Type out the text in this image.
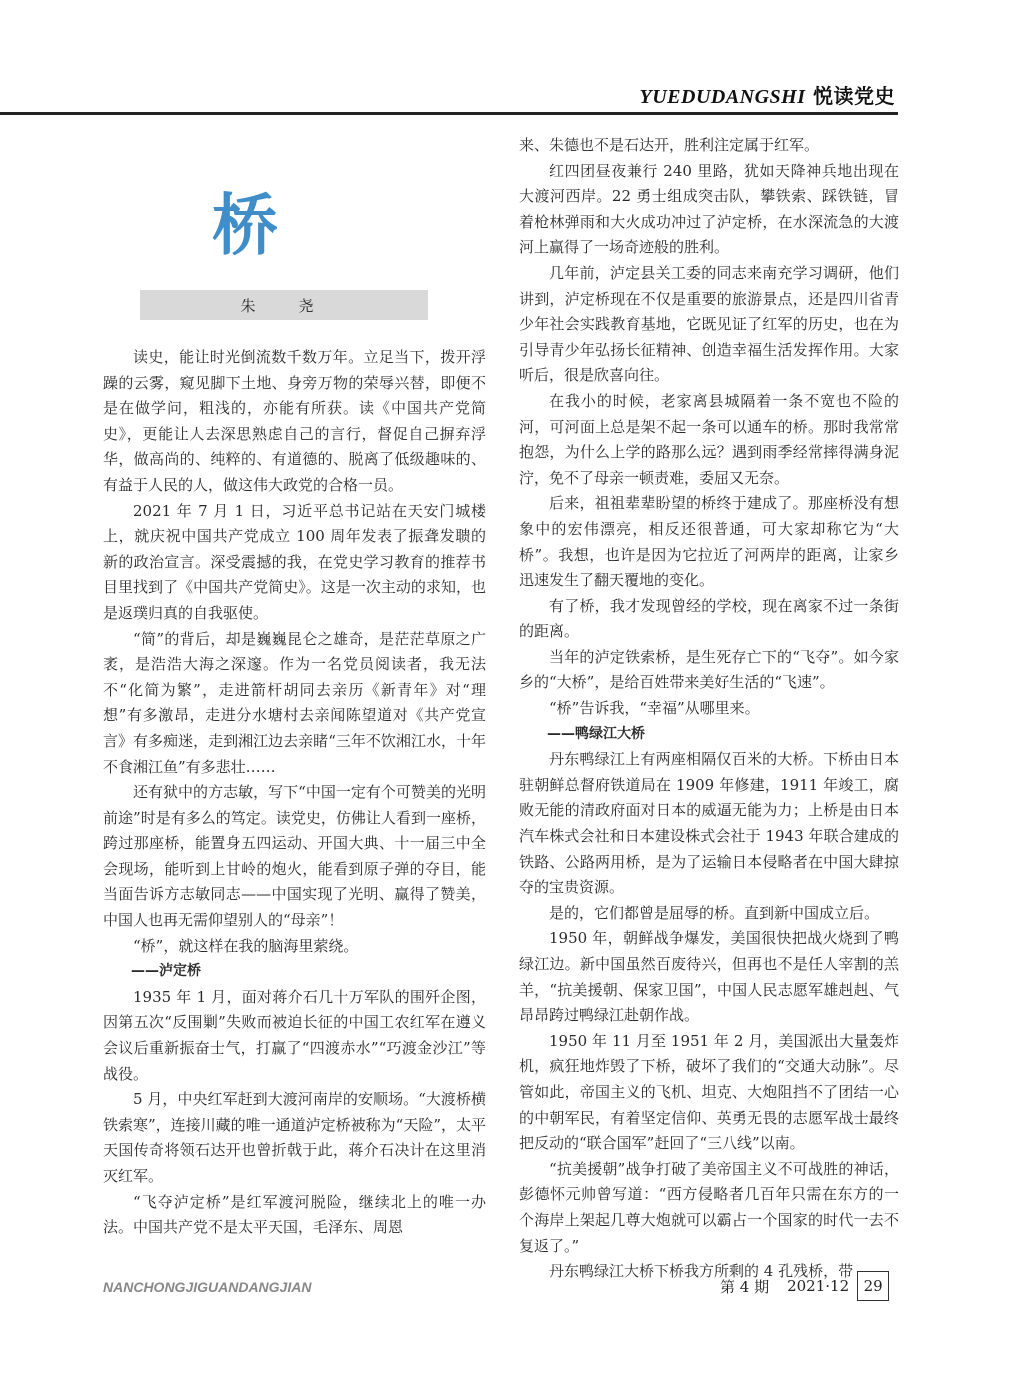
YUEDUDANGSHI 悦读党史
桥
朱　尧

读史，能让时光倒流数千数万年。立足当下，拨开浮躁的云雾，窥见脚下土地、身旁万物的荣辱兴替，即便不是在做学问，粗浅的，亦能有所获。读《中国共产党简史》，更能让人去深思熟虑自己的言行，督促自己摒弃浮华，做高尚的、纯粹的、有道德的、脱离了低级趣味的、有益于人民的人，做这伟大政党的合格一员。

2021 年 7 月 1 日，习近平总书记站在天安门城楼上，就庆祝中国共产党成立 100 周年发表了振聋发聩的新的政治宣言。深受震撼的我，在党史学习教育的推荐书目里找到了《中国共产党简史》。这是一次主动的求知，也是返璞归真的自我驱使。

“简”的背后，却是巍巍昆仑之雄奇，是茫茫草原之广袤，是浩浩大海之深邃。作为一名党员阅读者，我无法不“化简为繁”，走进箭杆胡同去亲历《新青年》对“理想”有多激昂，走进分水塘村去亲闻陈望道对《共产党宣言》有多痴迷，走到湘江边去亲睹“三年不饮湘江水，十年不食湘江鱼”有多悲壮……

还有狱中的方志敏，写下“中国一定有个可赞美的光明前途”时是有多么的笃定。读党史，仿佛让人看到一座桥，跨过那座桥，能置身五四运动、开国大典、十一届三中全会现场，能听到上甘岭的炮火，能看到原子弹的夺目，能当面告诉方志敏同志——中国实现了光明、赢得了赞美，中国人也再无需仰望别人的“母亲”！

“桥”，就这样在我的脑海里萦绕。

——泸定桥

1935 年 1 月，面对蒋介石几十万军队的围歼企图，因第五次“反围剿”失败而被迫长征的中国工农红军在遵义会议后重新振奋士气，打赢了“四渡赤水”“巧渡金沙江”等战役。

5 月，中央红军赶到大渡河南岸的安顺场。“大渡桥横铁索寒”，连接川藏的唯一通道泸定桥被称为“天险”，太平天国传奇将领石达开也曾折戟于此，蒋介石决计在这里消灭红军。

“飞夺泸定桥”是红军渡河脱险，继续北上的唯一办法。中国共产党不是太平天国，毛泽东、周恩

来、朱德也不是石达开，胜利注定属于红军。

红四团昼夜兼行 240 里路，犹如天降神兵地出现在大渡河西岸。22 勇士组成突击队，攀铁索、踩铁链，冒着枪林弹雨和大火成功冲过了泸定桥，在水深流急的大渡河上赢得了一场奇迹般的胜利。

几年前，泸定县关工委的同志来南充学习调研，他们讲到，泸定桥现在不仅是重要的旅游景点，还是四川省青少年社会实践教育基地，它既见证了红军的历史，也在为引导青少年弘扬长征精神、创造幸福生活发挥作用。大家听后，很是欣喜向往。

在我小的时候，老家离县城隔着一条不宽也不险的河，可河面上总是架不起一条可以通车的桥。那时我常常抱怨，为什么上学的路那么远？遇到雨季经常摔得满身泥泞，免不了母亲一顿责难，委屈又无奈。

后来，祖祖辈辈盼望的桥终于建成了。那座桥没有想象中的宏伟漂亮，相反还很普通，可大家却称它为“大桥”。我想，也许是因为它拉近了河两岸的距离，让家乡迅速发生了翻天覆地的变化。

有了桥，我才发现曾经的学校，现在离家不过一条街的距离。

当年的泸定铁索桥，是生死存亡下的“飞夺”。如今家乡的“大桥”，是给百姓带来美好生活的“飞速”。

“桥”告诉我，“幸福”从哪里来。

——鸭绿江大桥

丹东鸭绿江上有两座相隔仅百米的大桥。下桥由日本驻朝鲜总督府铁道局在 1909 年修建，1911 年竣工，腐败无能的清政府面对日本的威逼无能为力；上桥是由日本汽车株式会社和日本建设株式会社于 1943 年联合建成的铁路、公路两用桥，是为了运输日本侵略者在中国大肆掠夺的宝贵资源。

是的，它们都曾是屈辱的桥。直到新中国成立后。

1950 年，朝鲜战争爆发，美国很快把战火烧到了鸭绿江边。新中国虽然百废待兴，但再也不是任人宰割的羔羊，“抗美援朝、保家卫国”，中国人民志愿军雄赳赳、气昂昂跨过鸭绿江赴朝作战。

1950 年 11 月至 1951 年 2 月，美国派出大量轰炸机，疯狂地炸毁了下桥，破坏了我们的“交通大动脉”。尽管如此，帝国主义的飞机、坦克、大炮阻挡不了团结一心的中朝军民，有着坚定信仰、英勇无畏的志愿军战士最终把反动的“联合国军”赶回了“三八线”以南。

“抗美援朝”战争打破了美帝国主义不可战胜的神话，彭德怀元帅曾写道：“西方侵略者几百年只需在东方的一个海岸上架起几尊大炮就可以霸占一个国家的时代一去不复返了。”

丹东鸭绿江大桥下桥我方所剩的 4 孔残桥，带

NANCHONGJIGUANDANGJIAN	第 4 期 2021·12 29
